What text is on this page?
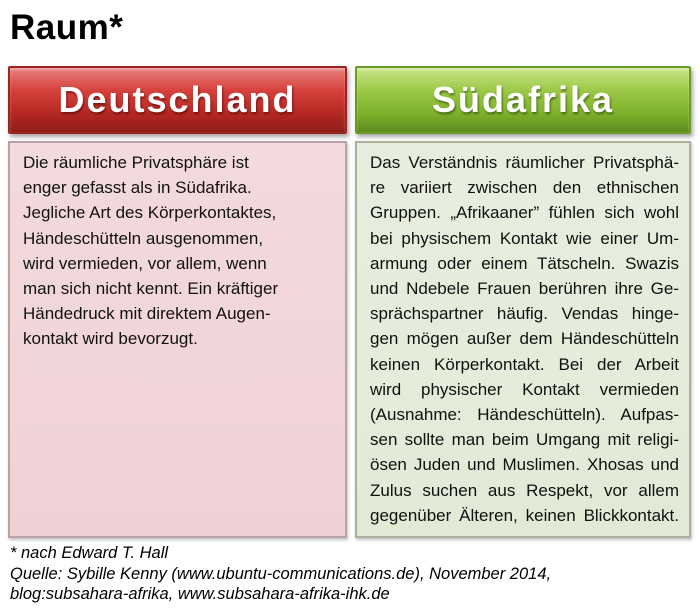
Raum*
Deutschland	Südafrika
Die räumliche Privatsphäre ist
enger gefasst als in Südafrika.
Jegliche Art des Körperkontaktes,
Händeschütteln ausgenommen,
wird vermieden, vor allem, wenn
man sich nicht kennt. Ein kräftiger
Händedruck mit direktem Augen-
kontakt wird bevorzugt.
Das Verständnis räumlicher Privatsphä-
re variiert zwischen den ethnischen
Gruppen. „Afrikaaner” fühlen sich wohl
bei physischem Kontakt wie einer Um-
armung oder einem Tätscheln. Swazis
und Ndebele Frauen berühren ihre Ge-
sprächspartner häufig. Vendas hinge-
gen mögen außer dem Händeschütteln
keinen Körperkontakt. Bei der Arbeit
wird physischer Kontakt vermieden
(Ausnahme: Händeschütteln). Aufpas-
sen sollte man beim Umgang mit religi-
ösen Juden und Muslimen. Xhosas und
Zulus suchen aus Respekt, vor allem
gegenüber Älteren, keinen Blickkontakt.
* nach Edward T. Hall
Quelle: Sybille Kenny (www.ubuntu-communications.de), November 2014,
blog:subsahara-afrika, www.subsahara-afrika-ihk.de
